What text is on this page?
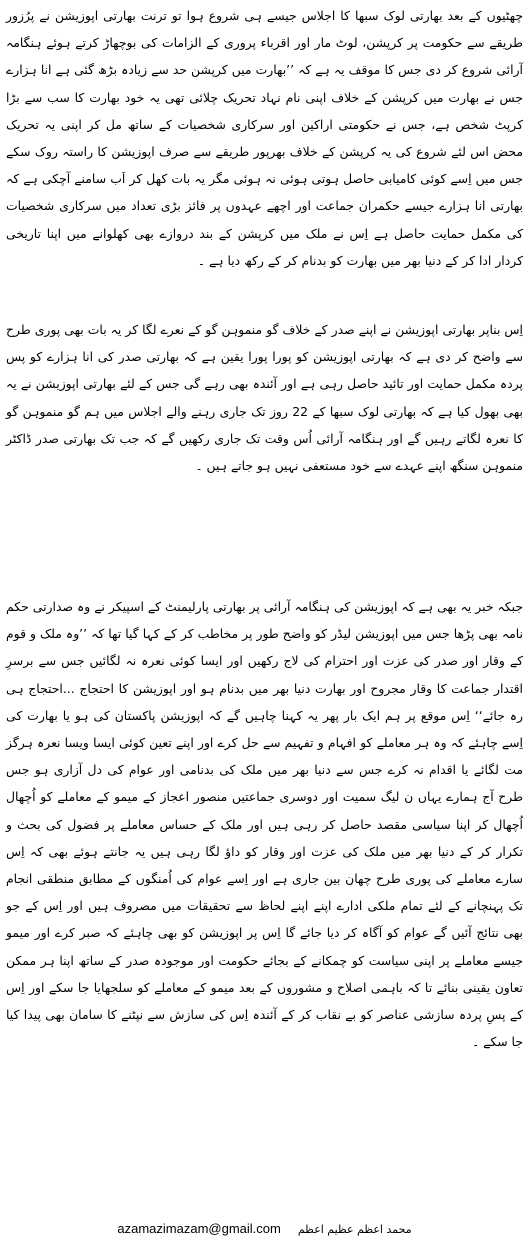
چھٹیوں کے بعد بھارتی لوک سبھا کا اجلاس جیسے ہی شروع ہوا تو ترنت بھارتی اپوزیشن نے پرُزور طریقے سے حکومت پر کرپشن، لوٹ مار اور اقرباء پروری کے الزامات کی بوچھاڑ کرتے ہوئے ہنگامہ آرائی شروع کر دی جس کا موقف یہ ہے کہ ’’بھارت میں کرپشن حد سے زیادہ بڑھ گئی ہے انا ہزارے جس نے بھارت میں کرپشن کے خلاف اپنی نام نہاد تحریک چلائی تھی یہ خود بھارت کا سب سے بڑا کرپٹ شخص ہے، جس نے حکومتی اراکین اور سرکاری شخصیات کے ساتھ مل کر اپنی یہ تحریک محض اس لئے شروع کی یہ کرپشن کے خلاف بھرپور طریقے سے صرف اپوزیشن کا راستہ روک سکے جس میں اِسے کوئی کامیابی حاصل ہوتی ہوئی نہ ہوئی مگر یہ بات کھل کر اَب سامنے آچکی ہے کہ بھارتی انا ہزارے جیسے حکمران جماعت اور اچھے عہدوں پر فائز بڑی تعداد میں سرکاری شخصیات کی مکمل حمایت حاصل ہے اِس نے ملک میں کرپشن کے بند دروازے بھی کھلوانے میں اپنا تاریخی کردار ادا کر کے دنیا بھر میں بھارت کو بدنام کر کے رکھ دیا ہے ۔

اِس بناپر بھارتی اپوزیشن نے اپنے صدر کے خلاف گو منموہن گو کے نعرے لگا کر یہ بات بھی پوری طرح سے واضح کر دی ہے کہ بھارتی اپوزیشن کو پورا پورا یقین ہے کہ بھارتی صدر کی انا ہزارے کو پس پردہ مکمل حمایت اور تائید حاصل رہی ہے اور آئندہ بھی رہے گی جس کے لئے بھارتی اپوزیشن نے یہ بھی بھول کیا ہے کہ بھارتی لوک سبھا کے 22 روز تک جاری رہنے والے اجلاس میں ہم گو منموہن گو کا نعرہ لگاتے رہیں گے اور ہنگامہ آرائی اُس وقت تک جاری رکھیں گے کہ جب تک بھارتی صدر ڈاکٹر منموہن سنگھ اپنے عہدے سے خود مستعفی نہیں ہو جاتے ہیں ۔

جبکہ خبر یہ بھی ہے کہ اپوزیشن کی ہنگامہ آرائی پر بھارتی پارلیمنٹ کے اسپیکر نے وہ صدارتی حکم نامہ بھی پڑھا جس میں اپوزیشن لیڈر کو واضح طور پر مخاطب کر کے کہا گیا تھا کہ ’’وہ ملک و قوم کے وقار اور صدر کی عزت اور احترام کی لاج رکھیں اور ایسا کوئی نعرہ نہ لگائیں جس سے برسرِ اقتدار جماعت کا وقار مجروح اور بھارت دنیا بھر میں بدنام ہو اور اپوزیشن کا احتجاج ...احتجاج ہی رہ جائے‘‘ اِس موقع پر ہم ایک بار پھر یہ کہنا چاہیں گے کہ اپوزیشن پاکستان کی ہو یا بھارت کی اِسے چاہئے کہ وہ ہر معاملے کو افہام و تفہیم سے حل کرے اور اپنے تعین کوئی ایسا ویسا نعرہ ہرگز مت لگائے یا اقدام نہ کرے جس سے دنیا بھر میں ملک کی بدنامی اور عوام کی دل آزاری ہو جس طرح آج ہمارے یہاں ن لیگ سمیت اور دوسری جماعتیں منصور اعجاز کے میمو کے معاملے کو اُچھال اُچھال کر اپنا سیاسی مقصد حاصل کر رہی ہیں اور ملک کے حساس معاملے پر فضول کی بحث و تکرار کر کے دنیا بھر میں ملک کی عزت اور وقار کو داؤ لگا رہی ہیں یہ جانتے ہوئے بھی کہ اِس سارے معاملے کی پوری طرح چھان بین جاری ہے اور اِسے عوام کی اُمنگوں کے مطابق منطقی انجام تک پہنچانے کے لئے تمام ملکی ادارے اپنے اپنے لحاظ سے تحقیقات میں مصروف ہیں اور اِس کے جو بھی نتائج آئیں گے عوام کو آگاہ کر دیا جائے گا اِس پر اپوزیشن کو بھی چاہئے کہ صبر کرے اور میمو جیسے معاملے پر اپنی سیاست کو چمکانے کے بجائے حکومت اور موجودہ صدر کے ساتھ اپنا ہر ممکن تعاون یقینی بنائے تا کہ باہمی اصلاح و مشوروں کے بعد میمو کے معاملے کو سلجھایا جا سکے اور اِس کے پسِ پردہ سازشی عناصر کو بے نقاب کر کے آئندہ اِس کی سازش سے نپٹنے کا سامان بھی پیدا کیا جا سکے ۔

azamazimazam@gmail.com محمد اعظم عظیم اعظم
